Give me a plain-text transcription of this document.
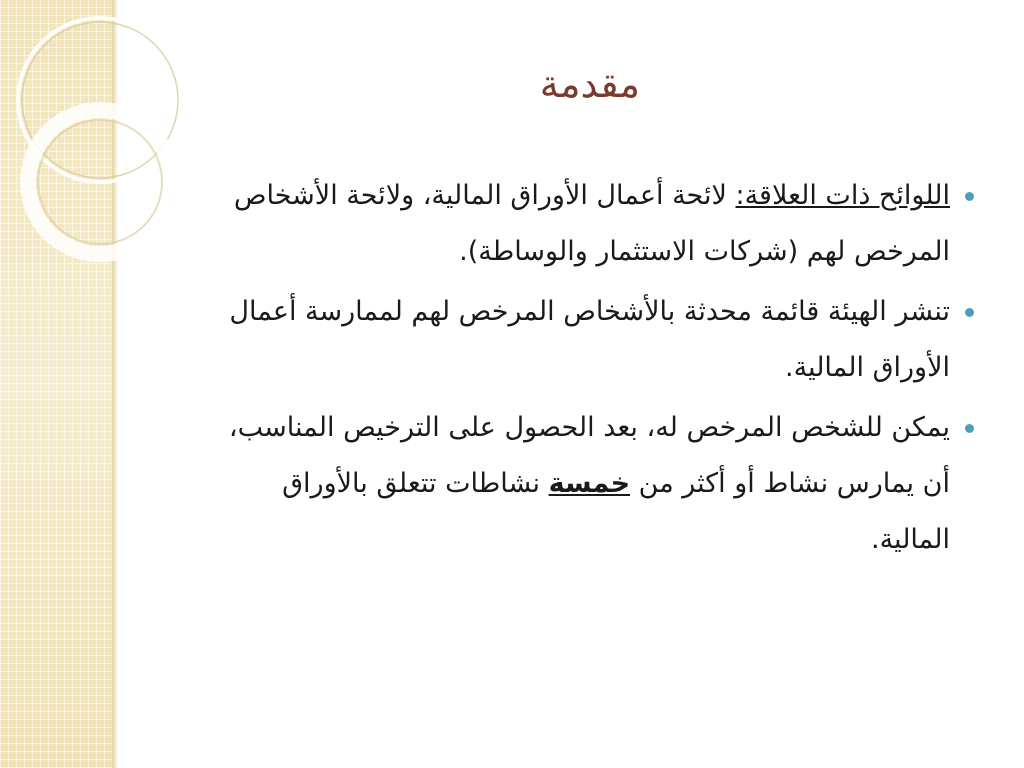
مقدمة
اللوائح ذات العلاقة: لائحة أعمال الأوراق المالية، ولائحة الأشخاص المرخص لهم (شركات الاستثمار والوساطة).
تنشر الهيئة قائمة محدثة بالأشخاص المرخص لهم لممارسة أعمال الأوراق المالية.
يمكن للشخص المرخص له، بعد الحصول على الترخيص المناسب، أن يمارس نشاط أو أكثر من خمسة نشاطات تتعلق بالأوراق المالية.
